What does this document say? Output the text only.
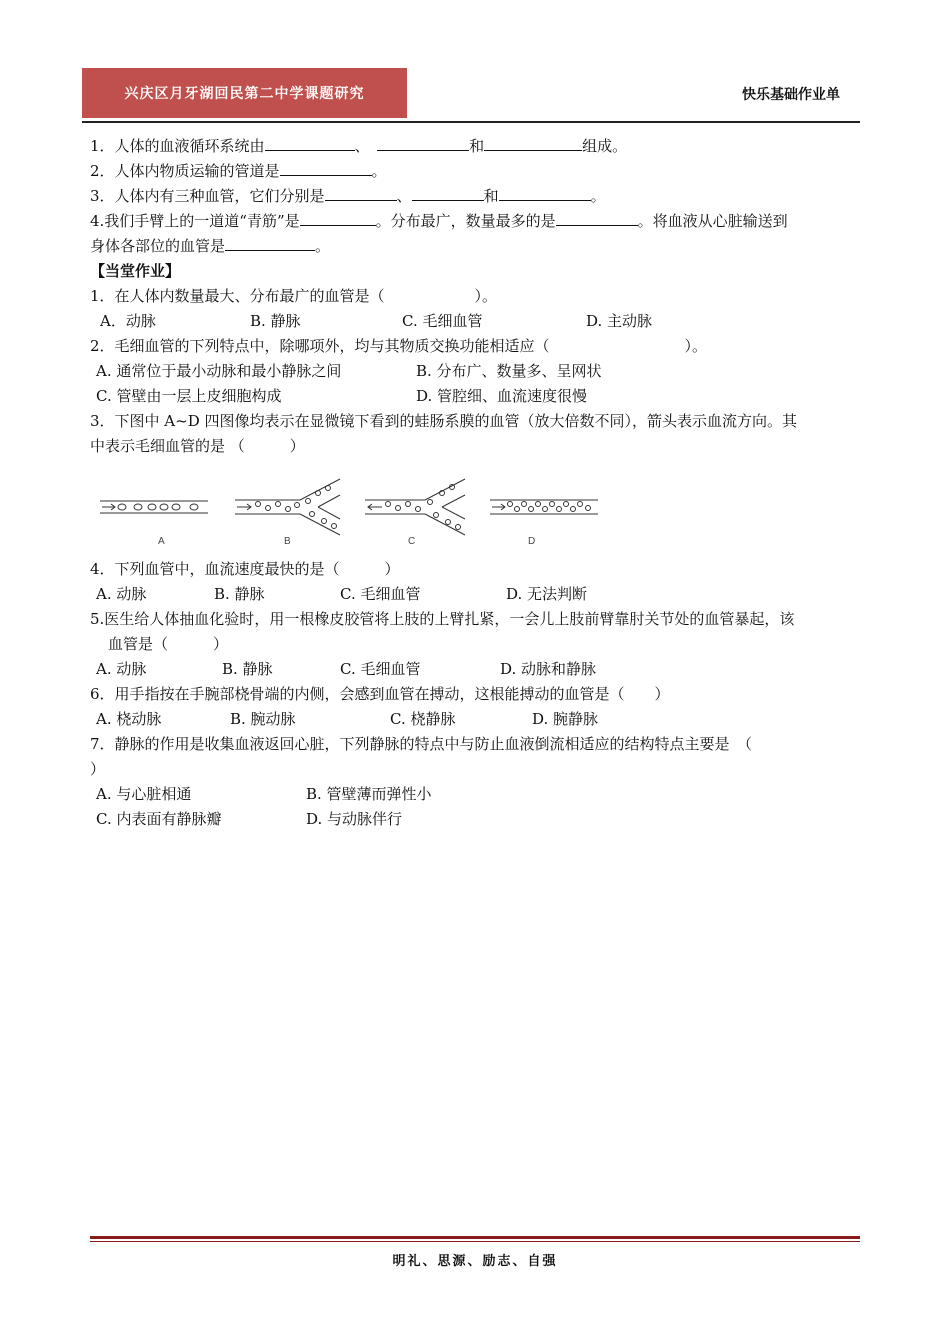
兴庆区月牙湖回民第二中学课题研究	快乐基础作业单
1．人体的血液循环系统由	、　	和	组成。
2．人体内物质运输的管道是	。
3．人体内有三种血管，它们分别是	、	和	。
4.我们手臂上的一道道“青筋”是	。分布最广，数量最多的是	。将血液从心脏输送到
身体各部位的血管是	。
【当堂作业】
1．在人体内数量最大、分布最广的血管是（　　　　　　）。
A．动脉	B. 静脉	C. 毛细血管	D. 主动脉
2．毛细血管的下列特点中，除哪项外，均与其物质交换功能相适应（　　　　　　　　　）。
A. 通常位于最小动脉和最小静脉之间	B. 分布广、数量多、呈网状
C. 管壁由一层上皮细胞构成	D. 管腔细、血流速度很慢
3．下图中 A~D 四图像均表示在显微镜下看到的蛙肠系膜的血管（放大倍数不同），箭头表示血流方向。其
中表示毛细血管的是 （　　　）
A	B	C	D
4．下列血管中，血流速度最快的是（　　　）
A. 动脉	B. 静脉	C. 毛细血管	D. 无法判断
5.医生给人体抽血化验时，用一根橡皮胶管将上肢的上臂扎紧，一会儿上肢前臂靠肘关节处的血管暴起，该
血管是（　　　）
A. 动脉	B. 静脉	C. 毛细血管	D. 动脉和静脉
6．用手指按在手腕部桡骨端的内侧，会感到血管在搏动，这根能搏动的血管是（　　）
A. 桡动脉	B. 腕动脉	C. 桡静脉	D. 腕静脉
7．静脉的作用是收集血液返回心脏，下列静脉的特点中与防止血液倒流相适应的结构特点主要是　（
）
A. 与心脏相通	B. 管壁薄而弹性小
C. 内表面有静脉瓣	D. 与动脉伴行
明礼、思源、励志、自强
